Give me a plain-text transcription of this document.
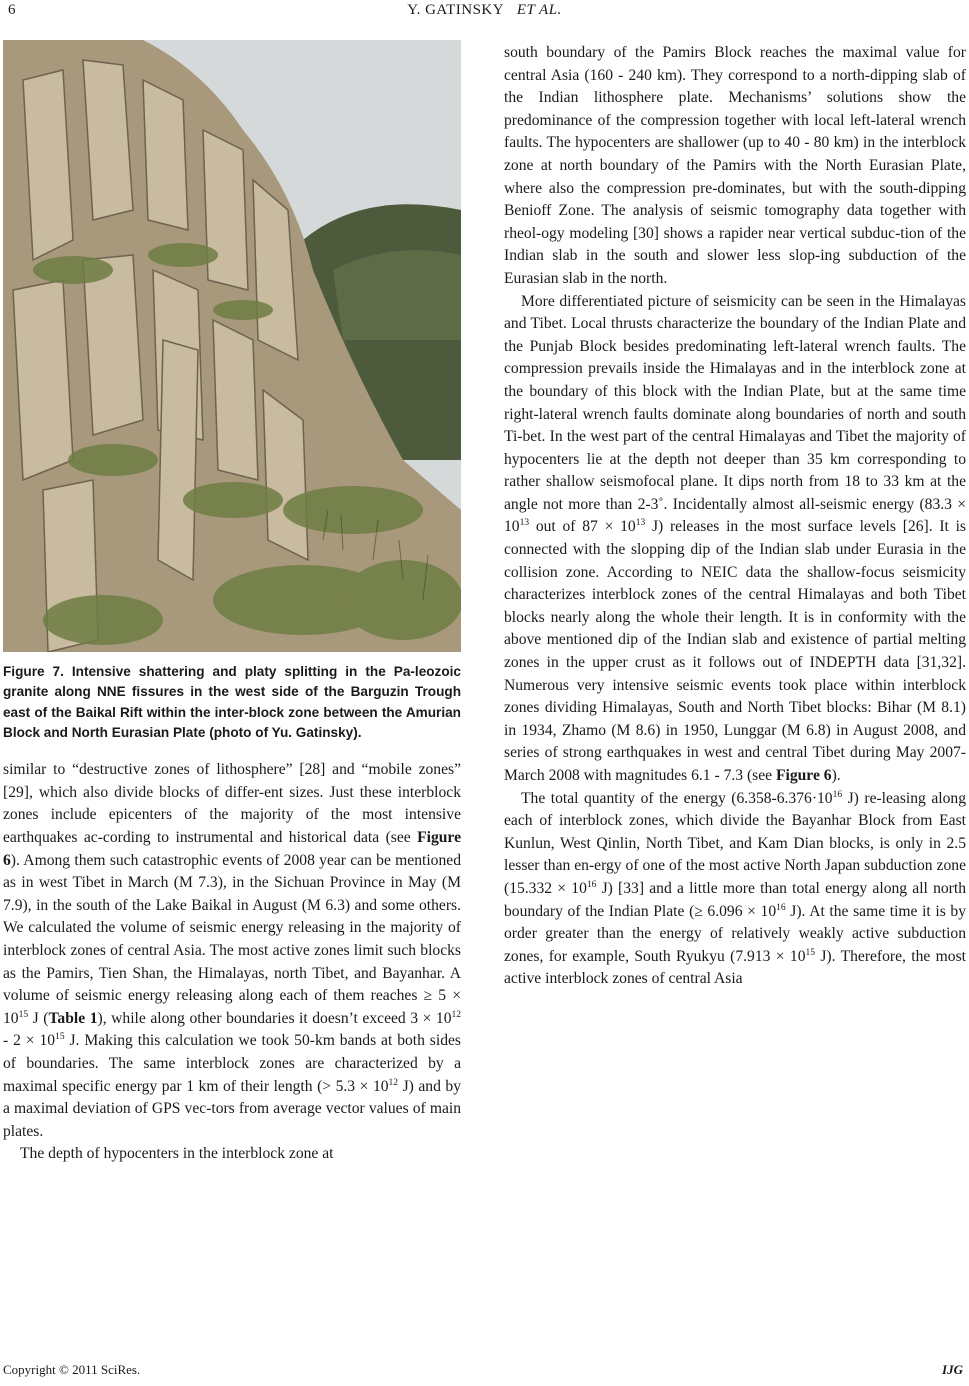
6	Y. GATINSKY ET AL.
Figure 7. Intensive shattering and platy splitting in the Pa-leozoic granite along NNE fissures in the west side of the Barguzin Trough east of the Baikal Rift within the inter-block zone between the Amurian Block and North Eurasian Plate (photo of Yu. Gatinsky).

similar to “destructive zones of lithosphere” [28] and “mobile zones” [29], which also divide blocks of differ-ent sizes. Just these interblock zones include epicenters of the majority of the most intensive earthquakes ac-cording to instrumental and historical data (see Figure 6). Among them such catastrophic events of 2008 year can be mentioned as in west Tibet in March (M 7.3), in the Sichuan Province in May (M 7.9), in the south of the Lake Baikal in August (M 6.3) and some others. We calculated the volume of seismic energy releasing in the majority of interblock zones of central Asia. The most active zones limit such blocks as the Pamirs, Tien Shan, the Himalayas, north Tibet, and Bayanhar. A volume of seismic energy releasing along each of them reaches ≥ $5 \times 10^{15}$ J (Table 1), while along other boundaries it doesn’t exceed $3 \times 10^{12} - 2 \times 10^{15}$ J. Making this calculation we took 50-km bands at both sides of boundaries. The same interblock zones are characterized by a maximal specific energy par 1 km of their length (> $5.3 \times 10^{12}$ J) and by a maximal deviation of GPS vec-tors from average vector values of main plates.

The depth of hypocenters in the interblock zone at

south boundary of the Pamirs Block reaches the maximal value for central Asia (160 - 240 km). They correspond to a north-dipping slab of the Indian lithosphere plate. Mechanisms’ solutions show the predominance of the compression together with local left-lateral wrench faults. The hypocenters are shallower (up to 40 - 80 km) in the interblock zone at north boundary of the Pamirs with the North Eurasian Plate, where also the compression pre-dominates, but with the south-dipping Benioff Zone. The analysis of seismic tomography data together with rheol-ogy modeling [30] shows a rapider near vertical subduc-tion of the Indian slab in the south and slower less slop-ing subduction of the Eurasian slab in the north.

More differentiated picture of seismicity can be seen in the Himalayas and Tibet. Local thrusts characterize the boundary of the Indian Plate and the Punjab Block besides predominating left-lateral wrench faults. The compression prevails inside the Himalayas and in the interblock zone at the boundary of this block with the Indian Plate, but at the same time right-lateral wrench faults dominate along boundaries of north and south Ti-bet. In the west part of the central Himalayas and Tibet the majority of hypocenters lie at the depth not deeper than 35 km corresponding to rather shallow seismofocal plane. It dips north from 18 to 33 km at the angle not more than 2-3˚. Incidentally almost all-seismic energy ($83.3 \times 10^{13}$ out of $87 \times 10^{13}$ J) releases in the most surface levels [26]. It is connected with the slopping dip of the Indian slab under Eurasia in the collision zone. According to NEIC data the shallow-focus seismicity characterizes interblock zones of the central Himalayas and both Tibet blocks nearly along the whole their length. It is in conformity with the above mentioned dip of the Indian slab and existence of partial melting zones in the upper crust as it follows out of INDEPTH data [31,32]. Numerous very intensive seismic events took place within interblock zones dividing Himalayas, South and North Tibet blocks: Bihar (M 8.1) in 1934, Zhamo (M 8.6) in 1950, Lunggar (M 6.8) in August 2008, and series of strong earthquakes in west and central Tibet during May 2007-March 2008 with magnitudes 6.1 - 7.3 (see Figure 6).

The total quantity of the energy ($6.358-6.376\cdot 10^{16}$ J) re-leasing along each of interblock zones, which divide the Bayanhar Block from East Kunlun, West Qinlin, North Tibet, and Kam Dian blocks, is only in 2.5 lesser than en-ergy of one of the most active North Japan subduction zone ($15.332 \times 10^{16}$ J) [33] and a little more than total energy along all north boundary of the Indian Plate (≥ $6.096 \times 10^{16}$ J). At the same time it is by order greater than the energy of relatively weakly active subduction zones, for example, South Ryukyu ($7.913 \times 10^{15}$ J). Therefore, the most active interblock zones of central Asia

Copyright © 2011 SciRes.	IJG
